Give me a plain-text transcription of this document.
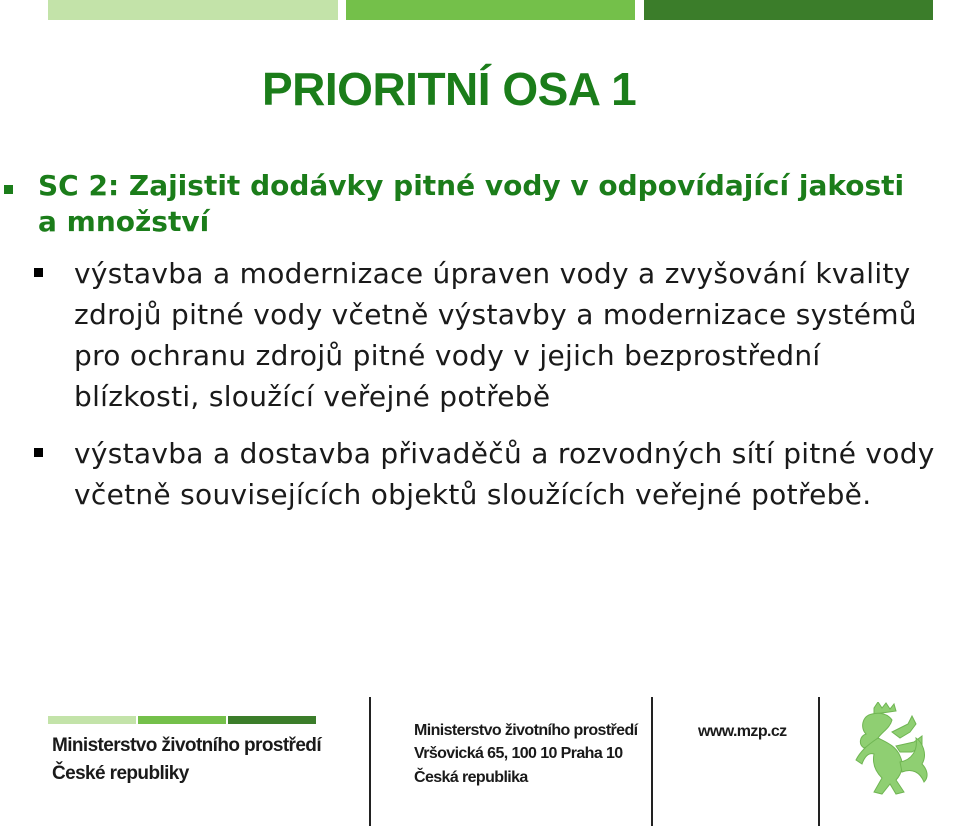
PRIORITNÍ OSA 1

SC 2: Zajistit dodávky pitné vody v odpovídající jakosti a množství

výstavba a modernizace úpraven vody a zvyšování kvality zdrojů pitné vody včetně výstavby a modernizace systémů pro ochranu zdrojů pitné vody v jejich bezprostřední blízkosti, sloužící veřejné potřebě
výstavba a dostavba přivaděčů a rozvodných sítí pitné vody včetně souvisejících objektů sloužících veřejné potřebě.

Ministerstvo životního prostředí

České republiky

Ministerstvo životního prostředí

Vršovická 65, 100 10 Praha 10

Česká republika

www.mzp.cz
